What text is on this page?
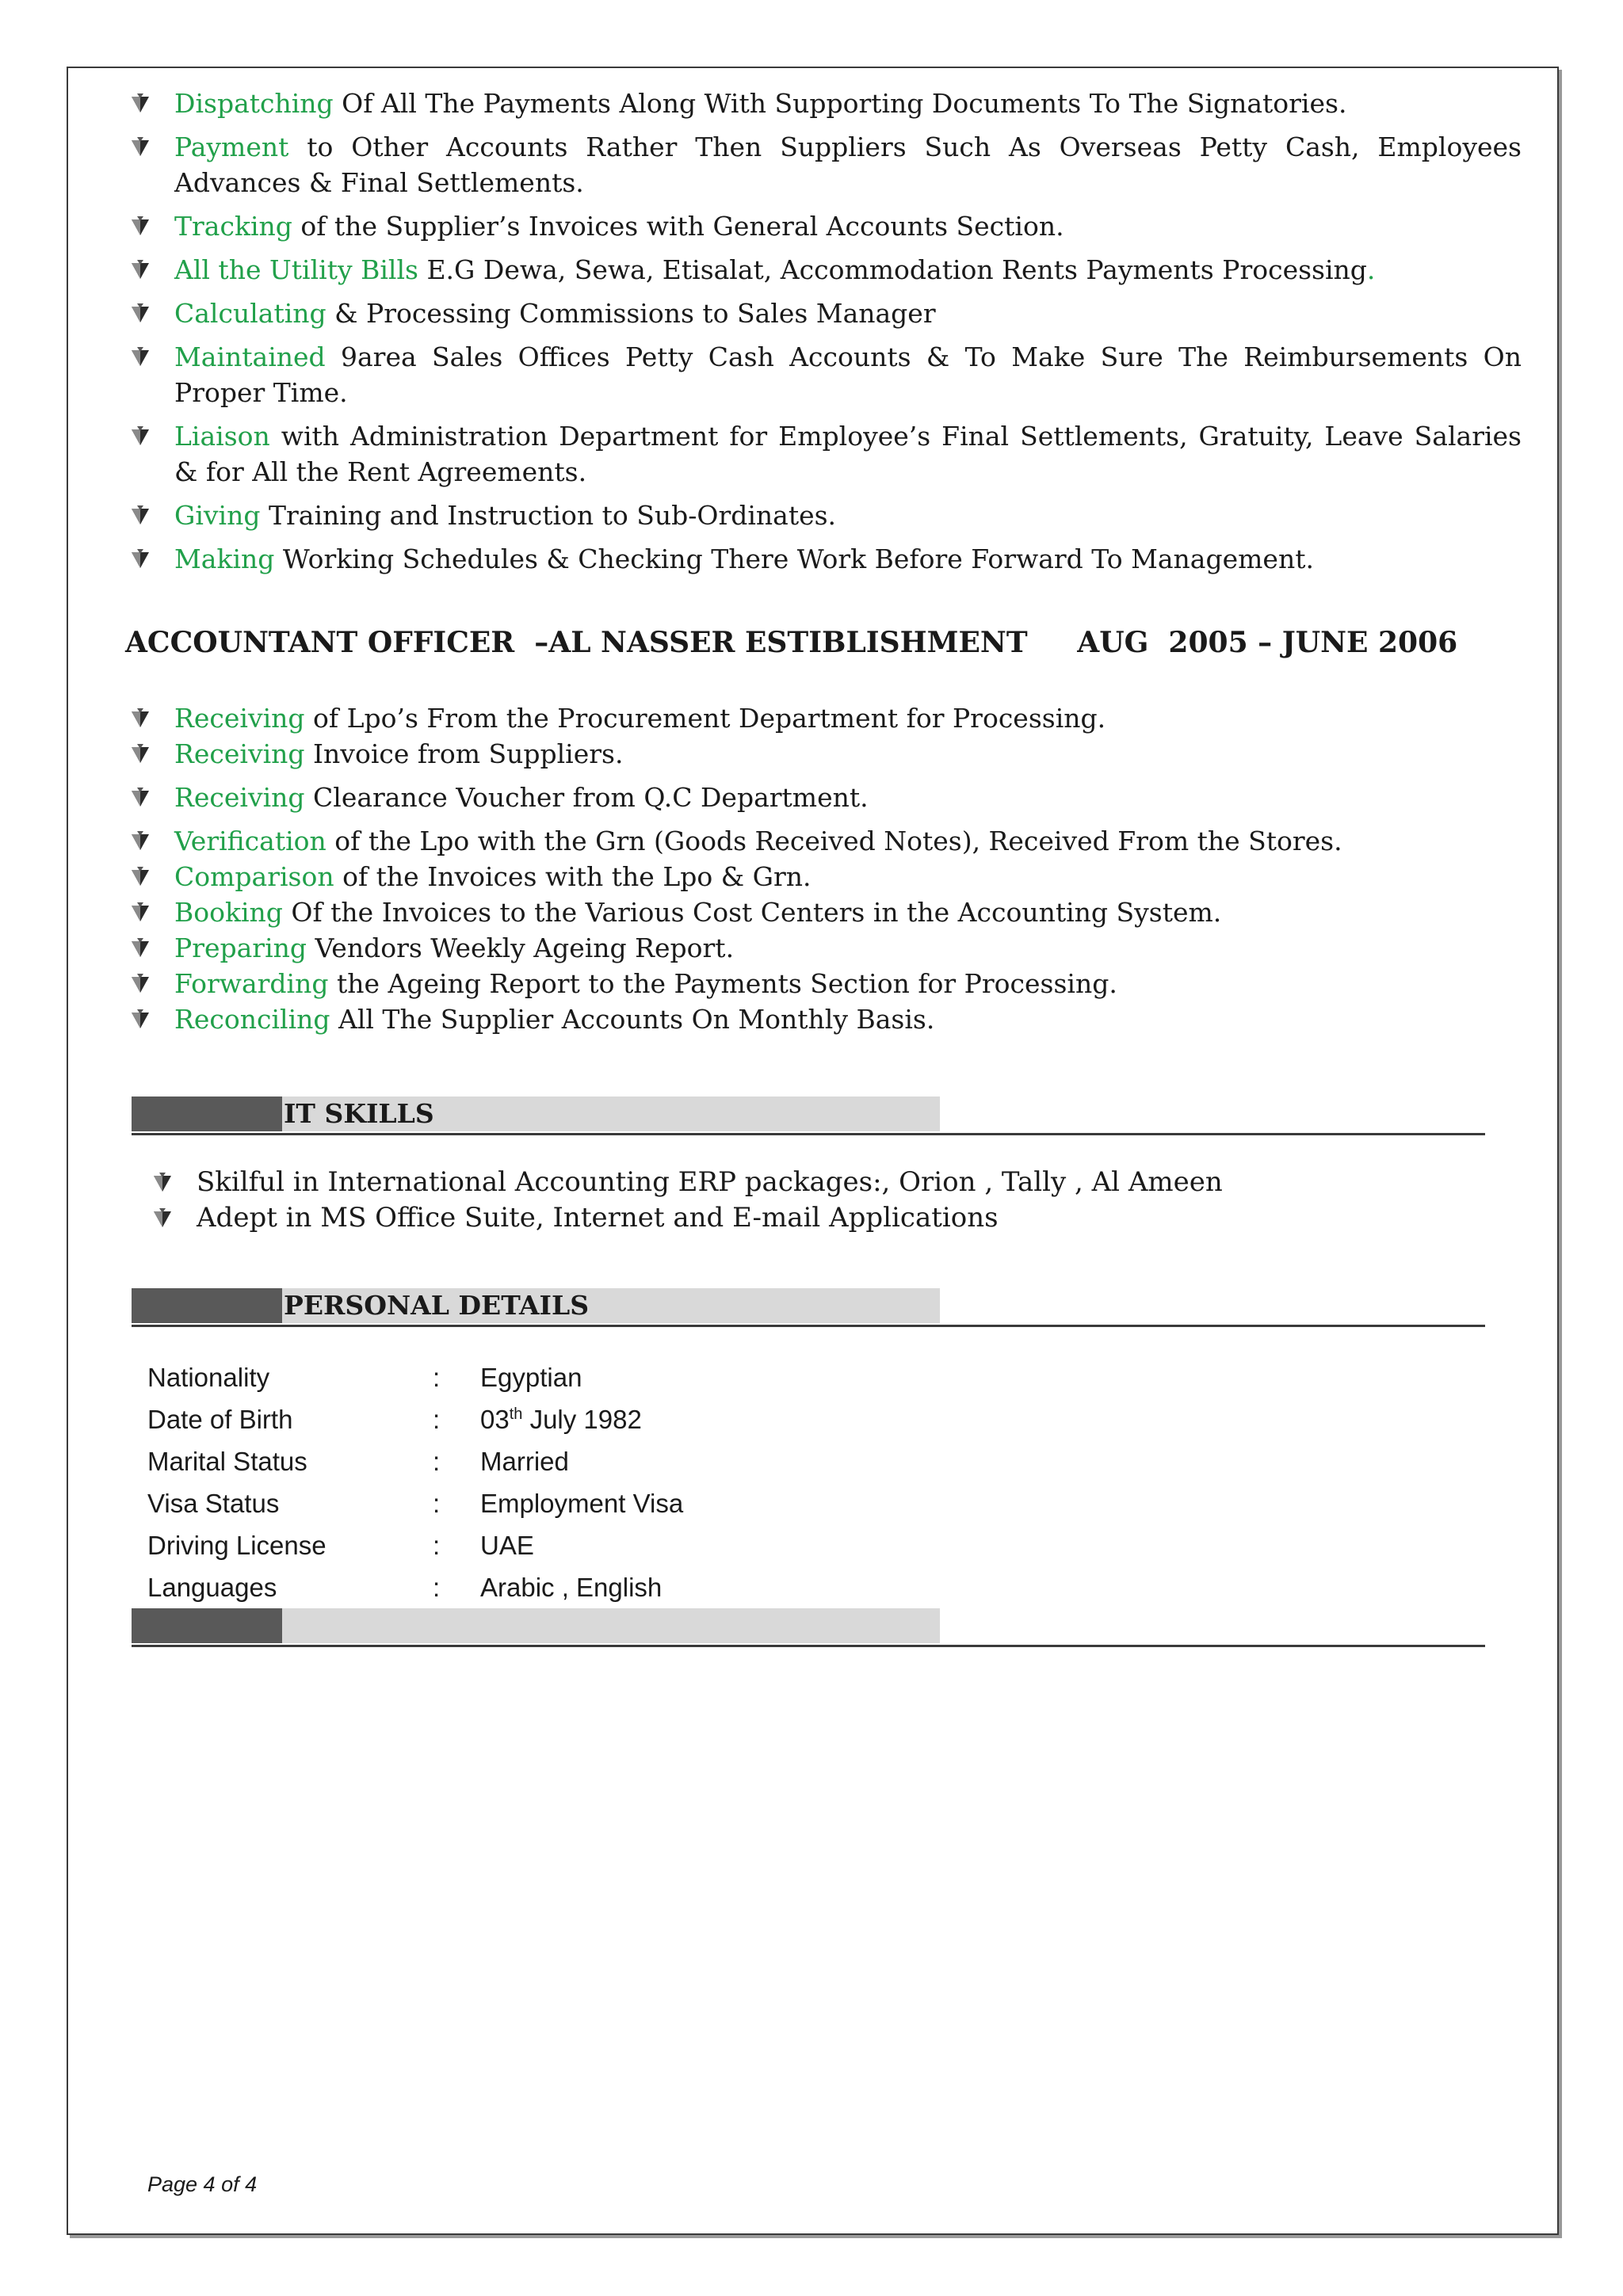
Dispatching Of All The Payments Along With Supporting Documents To The Signatories.
Payment to Other Accounts Rather Then Suppliers Such As Overseas Petty Cash, Employees Advances & Final Settlements.
Tracking of the Supplier’s Invoices with General Accounts Section.
All the Utility Bills E.G Dewa, Sewa, Etisalat, Accommodation Rents Payments Processing.
Calculating & Processing Commissions to Sales Manager
Maintained 9area Sales Offices Petty Cash Accounts & To Make Sure The Reimbursements On Proper Time.
Liaison with Administration Department for Employee’s Final Settlements, Gratuity, Leave Salaries & for All the Rent Agreements.
Giving Training and Instruction to Sub-Ordinates.
Making Working Schedules & Checking There Work Before Forward To Management.
ACCOUNTANT OFFICER  –AL NASSER ESTIBLISHMENT AUG  2005 – JUNE 2006
Receiving of Lpo’s From the Procurement Department for Processing.
Receiving Invoice from Suppliers.
Receiving Clearance Voucher from Q.C Department.
Verification of the Lpo with the Grn (Goods Received Notes), Received From the Stores.
Comparison of the Invoices with the Lpo & Grn.
Booking Of the Invoices to the Various Cost Centers in the Accounting System.
Preparing Vendors Weekly Ageing Report.
Forwarding the Ageing Report to the Payments Section for Processing.
Reconciling All The Supplier Accounts On Monthly Basis.
IT SKILLS
Skilful in International Accounting ERP packages:, Orion , Tally , Al Ameen
Adept in MS Office Suite, Internet and E-mail Applications
PERSONAL DETAILS
Nationality	:	Egyptian
Date of Birth	:	03th July 1982
Marital Status	:	Married
Visa Status	:	Employment Visa
Driving License	:	UAE
Languages	:	Arabic , English
Page 4 of 4
